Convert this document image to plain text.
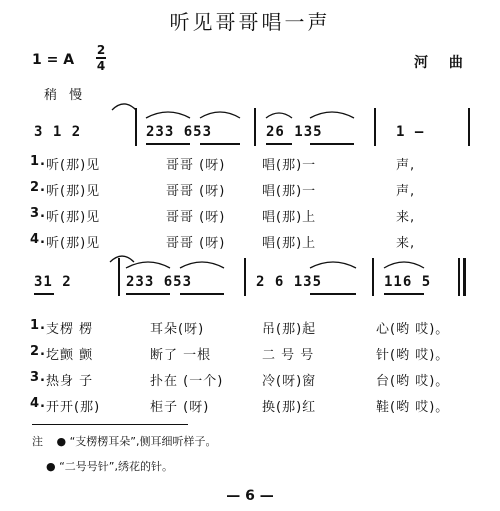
听见哥哥唱一声
1 = A
2
4	河 曲
稍 慢
3 1 2	233 653	26 135	1 —
1. 听(那)见	哥哥 (呀)	唱(那)一	声,
2. 听(那)见	哥哥 (呀)	唱(那)一	声,
3. 听(那)见	哥哥 (呀)	唱(那)上	来,
4. 听(那)见	哥哥 (呀)	唱(那)上	来,
31 2	233 653	2 6 135	116 5
1. 支楞 楞	耳朵(呀)	吊(那)起	心(哟 哎)。
2. 圪颤 颤	断了 一根	二 号 号	针(哟 哎)。
3. 热身 子	扑在 (一个)	冷(呀)窗	台(哟 哎)。
4. 开开(那)	柜子 (呀)	换(那)红	鞋(哟 哎)。
注 ● “支楞楞耳朵”,侧耳细听样子。
● “二号号针”,绣花的针。
— 6 —
